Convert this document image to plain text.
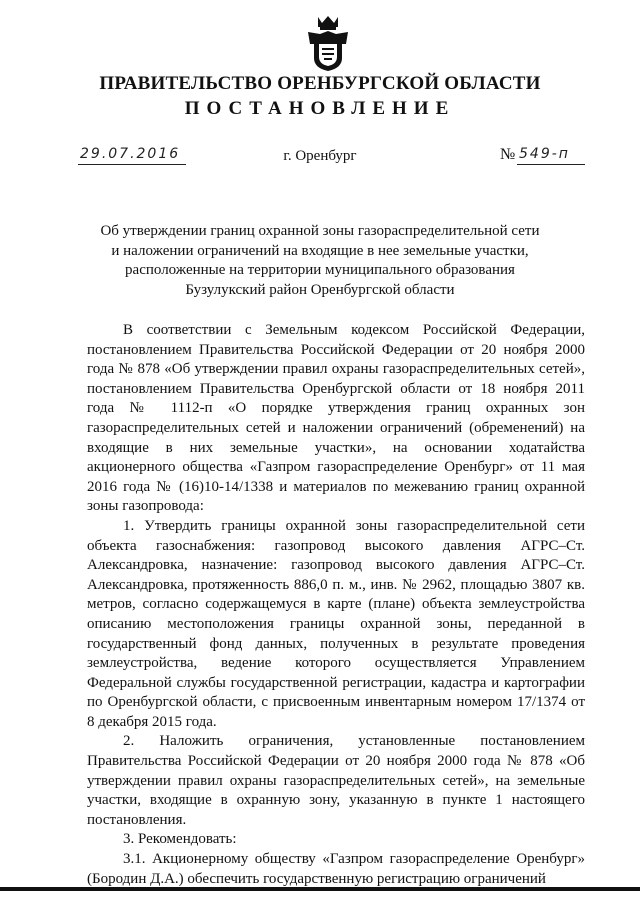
ПРАВИТЕЛЬСТВО ОРЕНБУРГСКОЙ ОБЛАСТИ
ПОСТАНОВЛЕНИЕ
29.07.2016	г. Оренбург	№ 549-п
Об утверждении границ охранной зоны газораспределительной сети
и наложении ограничений на входящие в нее земельные участки,
расположенные на территории муниципального образования
Бузулукский район Оренбургской области

В соответствии с Земельным кодексом Российской Федерации, постановлением Правительства Российской Федерации от 20 ноября 2000 года № 878 «Об утверждении правил охраны газораспределительных сетей», постановлением Правительства Оренбургской области от 18 ноября 2011 года № 1112-п «О порядке утверждения границ охранных зон газораспределительных сетей и наложении ограничений (обременений) на входящие в них земельные участки», на основании ходатайства акционерного общества «Газпром газораспределение Оренбург» от 11 мая 2016 года № (16)10-14/1338 и материалов по межеванию границ охранной зоны газопровода:

1. Утвердить границы охранной зоны газораспределительной сети объекта газоснабжения: газопровод высокого давления АГРС–Ст. Александровка, назначение: газопровод высокого давления АГРС–Ст. Александровка, протяженность 886,0 п. м., инв. № 2962, площадью 3807 кв. метров, согласно содержащемуся в карте (плане) объекта землеустройства описанию местоположения границы охранной зоны, переданной в государственный фонд данных, полученных в результате проведения землеустройства, ведение которого осуществляется Управлением Федеральной службы государственной регистрации, кадастра и картографии по Оренбургской области, с присвоенным инвентарным номером 17/1374 от 8 декабря 2015 года.

2. Наложить ограничения, установленные постановлением Правительства Российской Федерации от 20 ноября 2000 года № 878 «Об утверждении правил охраны газораспределительных сетей», на земельные участки, входящие в охранную зону, указанную в пункте 1 настоящего постановления.

3. Рекомендовать:

3.1. Акционерному обществу «Газпром газораспределение Оренбург» (Бородин Д.А.) обеспечить государственную регистрацию ограничений
